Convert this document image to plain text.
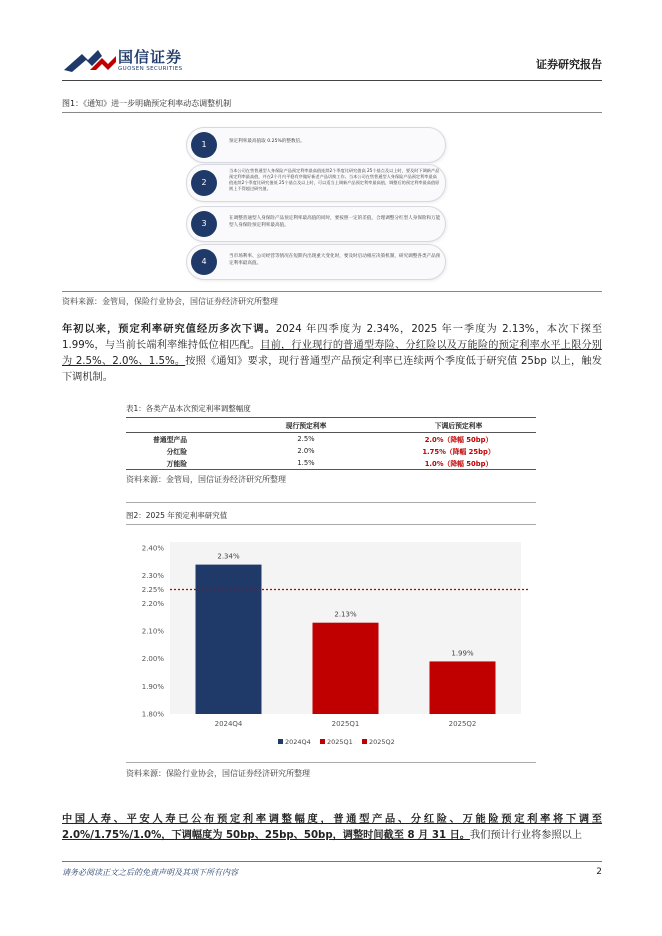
国信证券
GUOSEN SECURITIES	证券研究报告
图1：《通知》进一步明确预定利率动态调整机制
1	预定利率最高值取 0.25%的整数倍。
2
当本公司在售普通型人身保险产品预定利率最高值连续2个季度比研究值高 25个基点及以上时，要及时下调新产品预定利率最高值，并在2个月内平稳有序做好新老产品切换工作。当本公司在售普通型人身保险产品预定利率最高值连续2个季度比研究值低 25个基点及以上时，可以适当上调新产品预定利率最高值，调整后的预定利率最高值原则上不得超过研究值。
3
在调整普通型人身保险产品预定利率最高值的同时，要按照一定的差值，合理调整分红型人身保险和万能型人身保险预定利率最高值。
4
当市场利率、公司经营等情况在短期内出现重大变化时，要及时启动相应决策机制，研究调整各类产品预定利率最高值。
资料来源：金管局，保险行业协会，国信证券经济研究所整理
年初以来，预定利率研究值经历多次下调。2024 年四季度为 2.34%，2025 年一季度为 2.13%，本次下探至 1.99%，与当前长端利率维持低位相匹配。目前，行业现行的普通型寿险、分红险以及万能险的预定利率水平上限分别为 2.5%、2.0%、1.5%。按照《通知》要求，现行普通型产品预定利率已连续两个季度低于研究值 25bp 以上，触发下调机制。
表1：各类产品本次预定利率调整幅度
	现行预定利率	下调后预定利率
普通型产品	2.5%	2.0%（降幅 50bp）
分红险	2.0%	1.75%（降幅 25bp）
万能险	1.5%	1.0%（降幅 50bp）
资料来源：金管局，国信证券经济研究所整理
图2：2025 年预定利率研究值
2.40%
2.30%
2.25%
2.20%
2.10%
2.00%
1.90%
1.80%
2.34%
2024Q4
2.13%
2025Q1
1.99%
2025Q2
2024Q4 2025Q1 2025Q2
资料来源：保险行业协会，国信证券经济研究所整理
中国人寿、平安人寿已公布预定利率调整幅度，普通型产品、分红险、万能险预定利率将下调至 2.0%/1.75%/1.0%，下调幅度为 50bp、25bp、50bp，调整时间截至 8 月 31 日。我们预计行业将参照以上
请务必阅读正文之后的免责声明及其项下所有内容	2
